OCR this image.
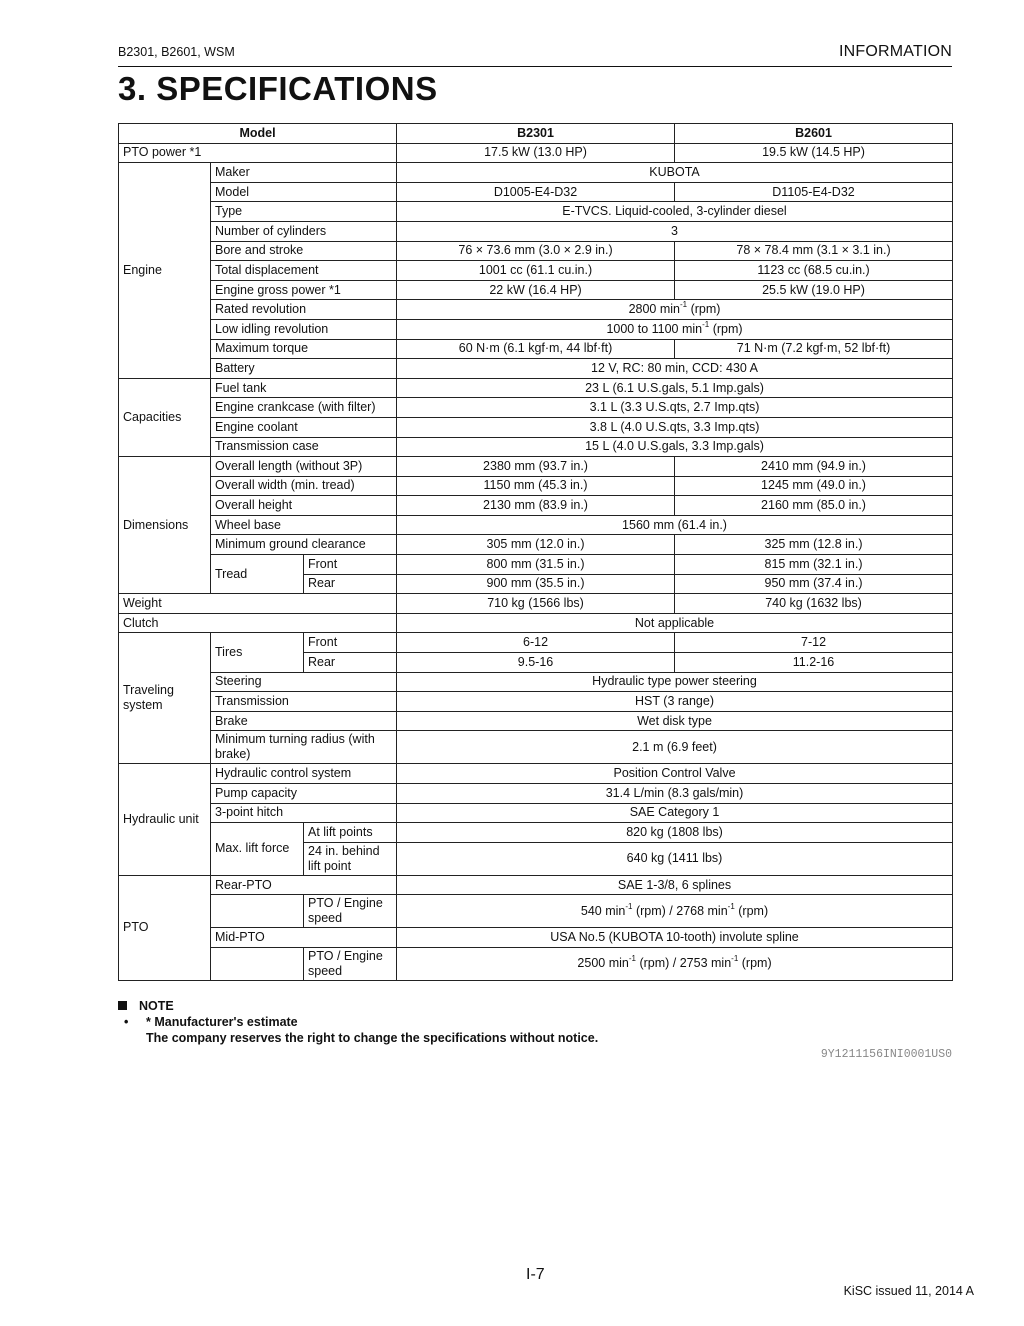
B2301, B2601, WSM	INFORMATION
3. SPECIFICATIONS
Model			B2301	B2601
PTO power *1			17.5 kW (13.0 HP)	19.5 kW (14.5 HP)
Engine	Maker		KUBOTA	
	Model		D1005-E4-D32	D1105-E4-D32
	Type		E-TVCS. Liquid-cooled, 3-cylinder diesel	
	Number of cylinders		3	
	Bore and stroke		76 × 73.6 mm (3.0 × 2.9 in.)	78 × 78.4 mm (3.1 × 3.1 in.)
	Total displacement		1001 cc (61.1 cu.in.)	1123 cc (68.5 cu.in.)
	Engine gross power *1		22 kW (16.4 HP)	25.5 kW (19.0 HP)
	Rated revolution		2800 $\min^{-1} (rpm)$	
	Low idling revolution		1000 to 1100 $\min^{-1} (rpm)$	
	Maximum torque		60 N·m (6.1 kgf·m, 44 lbf·ft)	71 N·m (7.2 kgf·m, 52 lbf·ft)
	Battery		12 V, RC: 80 min, CCD: 430 A	
Capacities	Fuel tank		23 L (6.1 U.S.gals, 5.1 Imp.gals)	
	Engine crankcase (with filter)		3.1 L (3.3 U.S.qts, 2.7 Imp.qts)	
	Engine coolant		3.8 L (4.0 U.S.qts, 3.3 Imp.qts)	
	Transmission case		15 L (4.0 U.S.gals, 3.3 Imp.gals)	
Dimensions	Overall length (without 3P)		2380 mm (93.7 in.)	2410 mm (94.9 in.)
	Overall width (min. tread)		1150 mm (45.3 in.)	1245 mm (49.0 in.)
	Overall height		2130 mm (83.9 in.)	2160 mm (85.0 in.)
	Wheel base		1560 mm (61.4 in.)	
	Minimum ground clearance		305 mm (12.0 in.)	325 mm (12.8 in.)
	Tread	Front	800 mm (31.5 in.)	815 mm (32.1 in.)
		Rear	900 mm (35.5 in.)	950 mm (37.4 in.)
Weight			710 kg (1566 lbs)	740 kg (1632 lbs)
Clutch			Not applicable	
Traveling system	Tires	Front	6-12	7-12
		Rear	9.5-16	11.2-16
	Steering		Hydraulic type power steering	
	Transmission		HST (3 range)	
	Brake		Wet disk type	
	Minimum turning radius (with brake)		2.1 m (6.9 feet)	
Hydraulic unit	Hydraulic control system		Position Control Valve	
	Pump capacity		31.4 L/min (8.3 gals/min)	
	3-point hitch		SAE Category 1	
	Max. lift force	At lift points	820 kg (1808 lbs)	
		24 in. behind lift point	640 kg (1411 lbs)	
PTO	Rear-PTO		SAE 1-3/8, 6 splines	
		PTO / Engine speed	540 $\min^{-1} (rpm) / 2768$ $\min^{-1} (rpm)$	
	Mid-PTO		USA No.5 (KUBOTA 10-tooth) involute spline	
		PTO / Engine speed	2500 $\min^{-1} (rpm) / 2753$ $\min^{-1} (rpm)$	
NOTE
• * Manufacturer's estimate
The company reserves the right to change the specifications without notice.
9Y1211156INI0001US0
I-7
KiSC issued 11, 2014 A
